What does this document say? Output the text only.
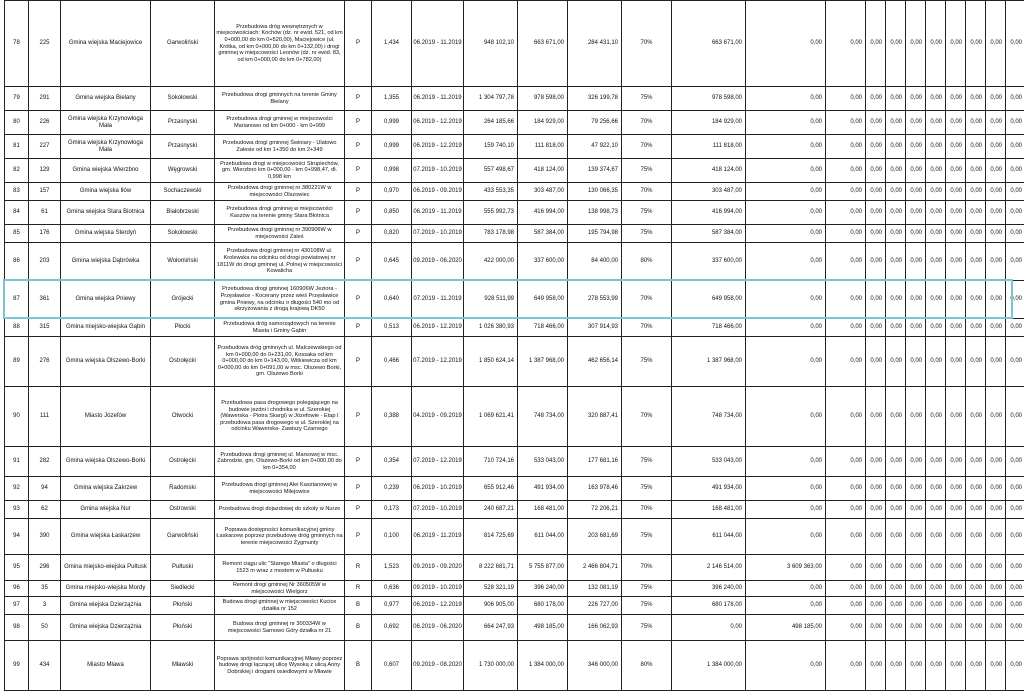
78	225	Gmina wiejska Maciejowice	Garwoliński	Przebudowa dróg wewnętrznych w miejscowościach: Kochów (dz. nr ewid. 521, od km 0+000,00 do km 0+520,00), Maciejowice (ul. Krótka, od km 0+000,00 do km 0+132,00) i drogi gminnej w miejscowości Leonów (dz. nr ewid. 83, od km 0+000,00 do km 0+782,00)	P	1,434	06.2019 - 11.2019	948 102,10	663 671,00	284 431,10	70%	663 671,00	0,00	0,00	0,00	0,00	0,00	0,00	0,00	0,00	0,00	0,00
79	291	Gmina wiejska Bielany	Sokołowski	Przebudowa drogi gminnych na terenie Gminy Bielany	P	1,355	06.2019 - 11.2019	1 304 797,78	978 598,00	326 199,78	75%	978 598,00	0,00	0,00	0,00	0,00	0,00	0,00	0,00	0,00	0,00	0,00
80	226	Gmina wiejska Krzynowłoga Mała	Przasnyski	Przebudowa drogi gminnej w miejscowości Marianowo od km 0+000 - km 0+999	P	0,999	06.2019 - 12.2019	264 185,66	184 929,00	79 256,66	70%	184 929,00	0,00	0,00	0,00	0,00	0,00	0,00	0,00	0,00	0,00	0,00
81	227	Gmina wiejska Krzynowłoga Mała	Przasnyski	Przebudowa drogi gminnej Świniary - Ulatowo Zalesie od km 1+350 do km 2+349	P	0,999	06.2019 - 12.2019	159 740,10	111 818,00	47 922,10	70%	111 818,00	0,00	0,00	0,00	0,00	0,00	0,00	0,00	0,00	0,00	0,00
82	129	Gmina wiejska Wierzbno	Węgrowski	Przebudowa drogi w miejscowości Strupiechów, gm. Wierzbno km 0+000,00 - km 0+998,47, dł. 0,998 km	P	0,998	07.2019 - 10.2019	557 498,67	418 124,00	139 374,67	75%	418 124,00	0,00	0,00	0,00	0,00	0,00	0,00	0,00	0,00	0,00	0,00
83	157	Gmina wiejska Iłów	Sochaczewski	Przebudowa drogi gminnej nr 380221W w miejscowości Olszowiec	P	0,970	06.2019 - 09.2019	433 553,35	303 487,00	130 066,35	70%	303 487,00	0,00	0,00	0,00	0,00	0,00	0,00	0,00	0,00	0,00	0,00
84	61	Gmina wiejska Stara Biotnica	Białobrzeski	Przebudowa drogi gminnej w miejscowości Kaszów na terenie gminy Stara Błotnica	P	0,850	06.2019 - 11.2019	555 992,73	416 994,00	138 998,73	75%	416 994,00	0,00	0,00	0,00	0,00	0,00	0,00	0,00	0,00	0,00	0,00
85	176	Gmina wiejska Sterdyń	Sokołowski	Przebudowa drogi gminnej nr 390906W w miejscowości Zaleś	P	0,820	07.2019 - 10.2019	783 178,98	587 384,00	195 794,98	75%	587 384,00	0,00	0,00	0,00	0,00	0,00	0,00	0,00	0,00	0,00	0,00
86	203	Gmina wiejska Dąbrówka	Wołomiński	Przebudowa drogi gminnej nr 430108W ul. Krolewska na odcinku od drogi powiatowej nr 1811W do drogi gminnej ul. Polnej w miejscowości Kowalicha	P	0,645	09.2019 - 06.2020	422 000,00	337 600,00	84 400,00	80%	337 600,00	0,00	0,00	0,00	0,00	0,00	0,00	0,00	0,00	0,00	0,00
87	361	Gmina wiejska Pniewy	Grójecki	Przebudowa drogi gminnej 160906W Jeziora - Przęsławice - Kocerany przez wieś Przęsławice gmina Pniewy, na odcinku o długości 540 mo od skrzyżowania z drogą krajową DK50	P	0,640	07.2019 - 11.2019	928 511,99	649 958,00	278 553,99	70%	649 958,00	0,00	0,00	0,00	0,00	0,00	0,00	0,00	0,00	0,00	0,00
88	315	Gmina miejsko-wiejska Gąbin	Płocki	Przebudowa dróg samorządowych na terenie Miasta i Gminy Gąbin	P	0,513	06.2019 - 12.2019	1 026 380,93	718 466,00	307 914,93	70%	718 466,00	0,00	0,00	0,00	0,00	0,00	0,00	0,00	0,00	0,00	0,00
89	276	Gmina wiejska Olszewo-Borki	Ostrołęcki	Przebudowa dróg gminnych ul. Malczewskiego od km 0+000,00 do 0+231,00, Kossaka od km 0+000,00 do km 0+143,00, Witkiewicza od km 0+000,00 do km 0+091,00 w msc. Olszewo Borki, gm. Olszewo Borki	P	0,466	07.2019 - 12.2019	1 850 624,14	1 387 968,00	462 656,14	75%	1 387 968,00	0,00	0,00	0,00	0,00	0,00	0,00	0,00	0,00	0,00	0,00
90	111	Miasto Józefów	Otwocki	Przebudowa pasa drogowego polegającego na budowie jezdni i chodnika w ul. Szerokiej (Wawerska - Piotra Skargi) w Józefowie - Etap I przebudowa pasa drogowego w ul. Szerokiej na odcinku Wawerska- Zawiszy Czarnego	P	0,388	04.2019 - 09.2019	1 069 621,41	748 734,00	320 887,41	70%	748 734,00	0,00	0,00	0,00	0,00	0,00	0,00	0,00	0,00	0,00	0,00
91	282	Gmina wiejska Olszewo-Borki	Ostrołęcki	Przebudowa drogi gminnej ul. Marsowej w msc. Zabrodzie, gm. Olszewo-Borki od km 0+000,00 do km 0+354,00	P	0,354	07.2019 - 12.2019	710 724,16	533 043,00	177 681,16	75%	533 043,00	0,00	0,00	0,00	0,00	0,00	0,00	0,00	0,00	0,00	0,00
92	94	Gmina wiejska Zakrzew	Radomski	Przebudowa drogi gminnej Alei Kasztanowej w miejscowości Milejowice	P	0,239	06.2019 - 10.2019	655 912,46	491 934,00	163 978,46	75%	491 934,00	0,00	0,00	0,00	0,00	0,00	0,00	0,00	0,00	0,00	0,00
93	62	Gmina wiejska Nur	Ostrowski	Przebudowa drogi dojazdowej do szkoły w Nurze	P	0,173	07.2019 - 10.2019	240 687,21	168 481,00	72 206,21	70%	168 481,00	0,00	0,00	0,00	0,00	0,00	0,00	0,00	0,00	0,00	0,00
94	390	Gmina wiejska Łaskarzew	Garwoliński	Poprawa dostępności komunikacyjnej gminy Łaskarzew poprzez przebudowę dróg gminnych na terenie miejscowości Żygmunty	P	0,100	06.2019 - 11.2019	814 725,69	611 044,00	203 681,69	75%	611 044,00	0,00	0,00	0,00	0,00	0,00	0,00	0,00	0,00	0,00	0,00
95	296	Gmina miejsko-wiejska Pułtusk	Pułtuski	Remont ciągu ulic "Starego Miasta" o długości 1523 m wraz z mostem w Pułtusku	R	1,523	09.2019 - 09.2020	8 222 681,71	5 755 877,00	2 466 804,71	70%	2 146 514,00	3 609 363,00	0,00	0,00	0,00	0,00	0,00	0,00	0,00	0,00	0,00
96	35	Gmina miejsko-wiejska Mordy	Siedlecki	Remont drogi gminnej Nr 360505W w miejscowości Wielgorz	R	0,636	09.2019 - 10.2019	528 321,19	396 240,00	132 081,19	75%	396 240,00	0,00	0,00	0,00	0,00	0,00	0,00	0,00	0,00	0,00	0,00
97	3	Gmina wiejska Dzierzążnia	Płoński	Budowa drogi gminnej w miejscowości Kucice działka nr 152	B	0,977	06.2019 - 12.2019	906 905,00	680 178,00	226 727,00	75%	680 178,00	0,00	0,00	0,00	0,00	0,00	0,00	0,00	0,00	0,00	0,00
98	50	Gmina wiejska Dzierzążnia	Płoński	Budowa drogi gminnej nr 300334W w miejscowości Sarnowo Góry działka nr 21	B	0,692	06.2019 - 06.2020	664 247,93	498 185,00	166 062,93	75%	0,00	498 185,00	0,00	0,00	0,00	0,00	0,00	0,00	0,00	0,00	0,00
99	434	Miasto Mława	Mławski	Poprawa spójności komunikacyjnej Mławy poprzez budowę drogi łączącej ulicę Wysoką z ulicą Anny Dobrskiej i drogami osiedlowymi w Mławie	B	0,607	09.2019 - 08.2020	1 730 000,00	1 384 000,00	346 000,00	80%	1 384 000,00	0,00	0,00	0,00	0,00	0,00	0,00	0,00	0,00	0,00	0,00
